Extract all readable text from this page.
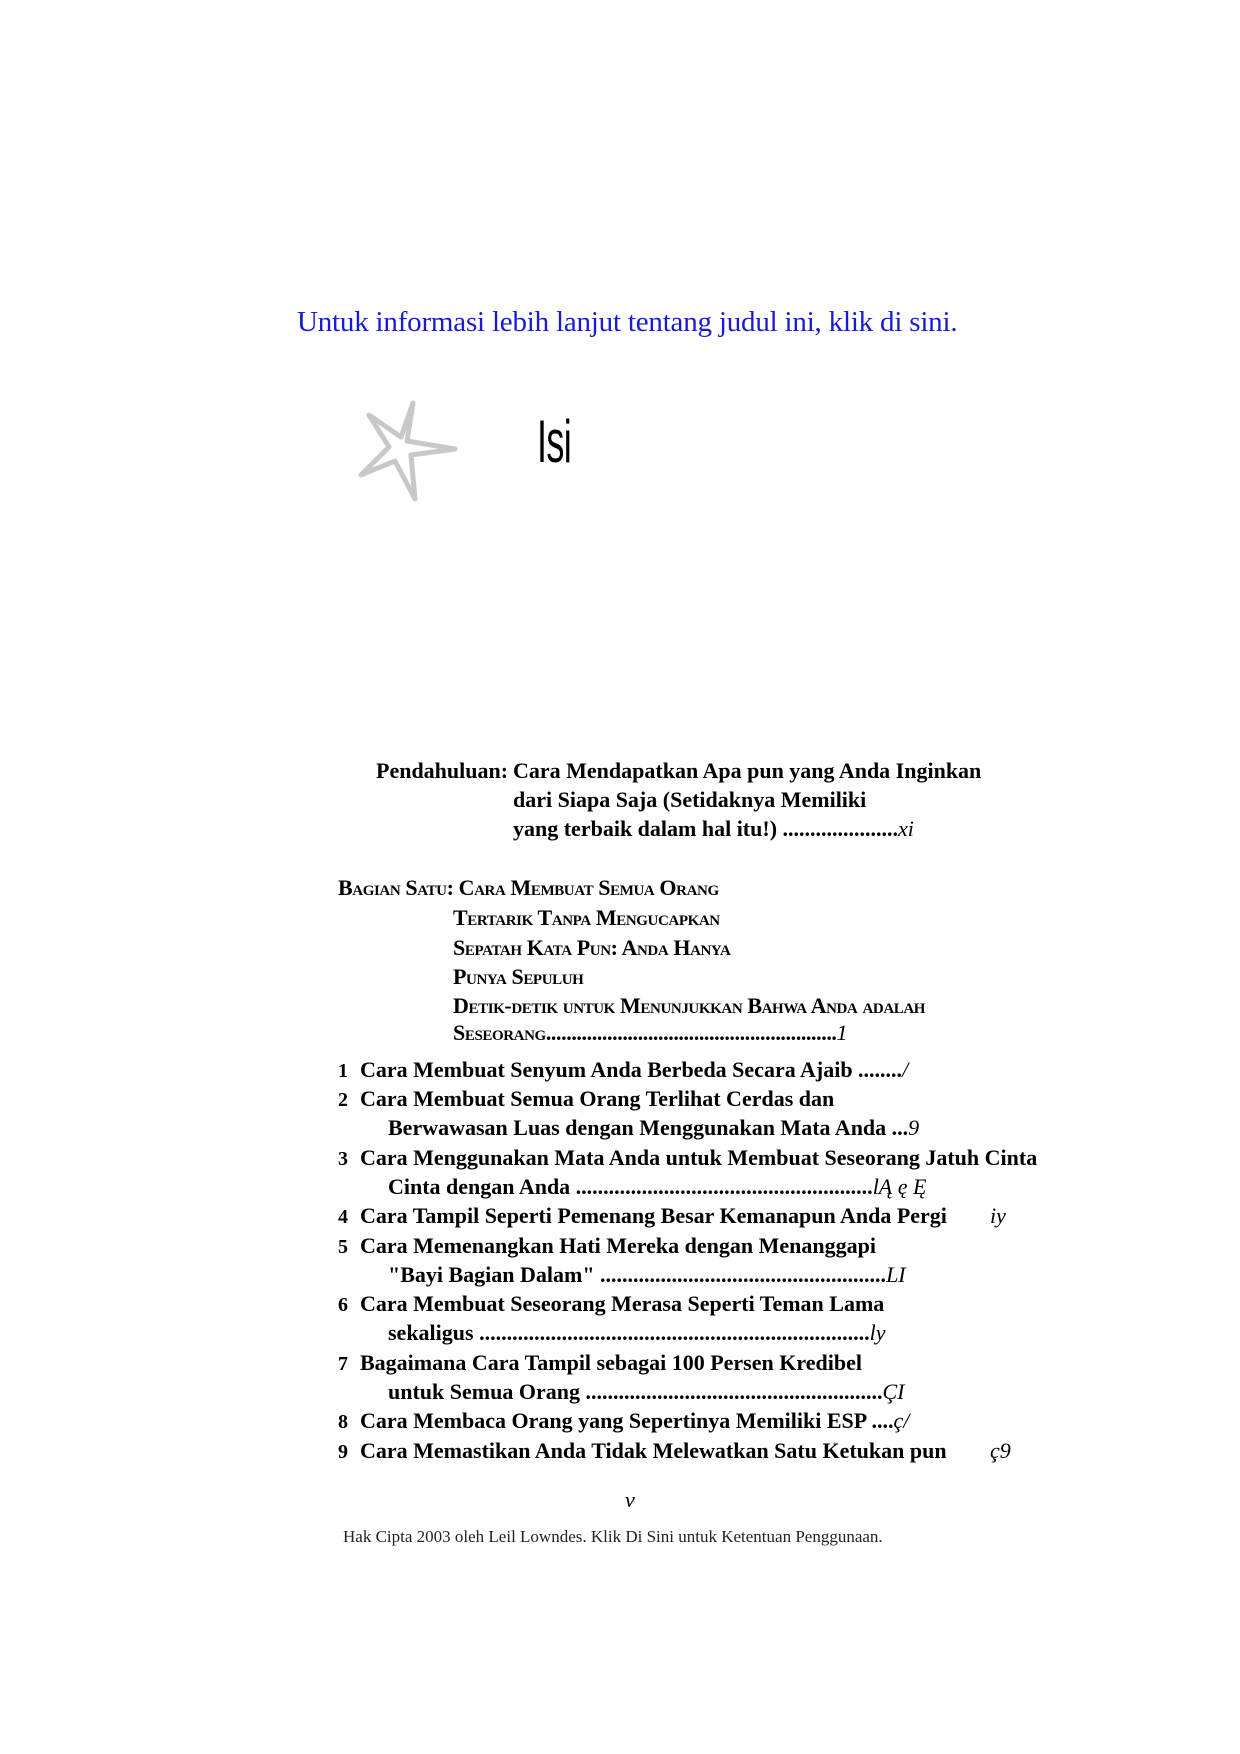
Untuk informasi lebih lanjut tentang judul ini, klik di sini.
Isi
Pendahuluan: Cara Mendapatkan Apa pun yang Anda Inginkan
dari Siapa Saja (Setidaknya Memiliki
yang terbaik dalam hal itu!) .....................xi
Bagian Satu: Cara Membuat Semua Orang
Tertarik Tanpa Mengucapkan
Sepatah Kata Pun: Anda Hanya
Punya Sepuluh
Detik-detik untuk Menunjukkan Bahwa Anda adalah
Seseorang.........................................................1
1 Cara Membuat Senyum Anda Berbeda Secara Ajaib ......../
2 Cara Membuat Semua Orang Terlihat Cerdas dan
Berwawasan Luas dengan Menggunakan Mata Anda ...9
3 Cara Menggunakan Mata Anda untuk Membuat Seseorang Jatuh Cinta
Cinta dengan Anda ......................................................lĄ ę Ę
4 Cara Tampil Seperti Pemenang Besar Kemanapun Anda Pergi iy
5 Cara Memenangkan Hati Mereka dengan Menanggapi
"Bayi Bagian Dalam" ....................................................LI
6 Cara Membuat Seseorang Merasa Seperti Teman Lama
sekaligus .......................................................................ly
7 Bagaimana Cara Tampil sebagai 100 Persen Kredibel
untuk Semua Orang ......................................................ÇI
8 Cara Membaca Orang yang Sepertinya Memiliki ESP ....ç/
9 Cara Memastikan Anda Tidak Melewatkan Satu Ketukan pun ç9
v
Hak Cipta 2003 oleh Leil Lowndes. Klik Di Sini untuk Ketentuan Penggunaan.
